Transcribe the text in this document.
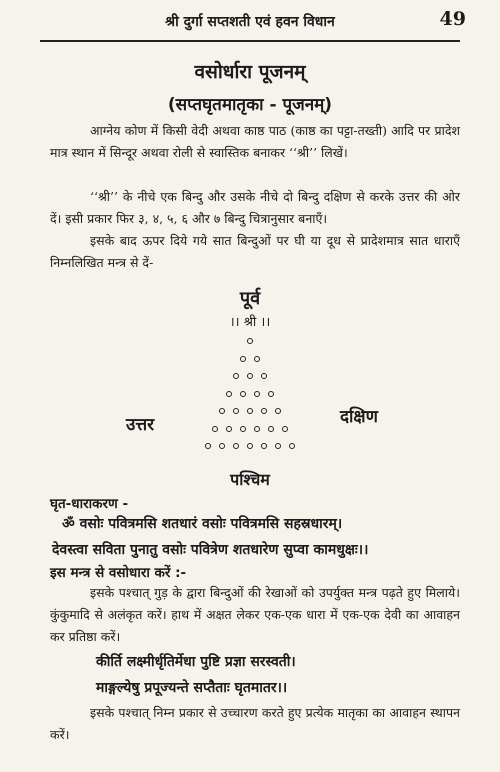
श्री दुर्गा सप्तशती एवं हवन विधान	49
वसोर्धारा पूजनम्
(सप्तघृतमातृका - पूजनम्)
आग्नेय कोण में किसी वेदी अथवा काष्ठ पाठ (काष्ठ का पट्टा-तख्ती) आदि पर प्रादेश मात्र स्थान में सिन्दूर अथवा रोली से स्वास्तिक बनाकर ‘‘श्री’’ लिखें।
‘‘श्री’’ के नीचे एक बिन्दु और उसके नीचे दो बिन्दु दक्षिण से करके उत्तर की ओर दें। इसी प्रकार फिर ३, ४, ५, ६ और ७ बिन्दु चित्रानुसार बनाएँ।
इसके बाद ऊपर दिये गये सात बिन्दुओं पर घी या दूध से प्रादेशमात्र सात धाराएँ निम्नलिखित मन्त्र से दें-
पूर्व
।। श्री ।।
उत्तर	दक्षिण
पश्चिम
घृत-धाराकरण -
ॐ वसोः पवित्रमसि शतधारं वसोः पवित्रमसि सहस्रधारम्।
देवस्त्वा सविता पुनातु वसोः पवित्रेण शतधारेण सुप्वा कामधुक्षः।।
इस मन्त्र से वसोधारा करें :-
इसके पश्चात् गुड़ के द्वारा बिन्दुओं की रेखाओं को उपर्युक्त मन्त्र पढ़ते हुए मिलाये। कुंकुमादि से अलंकृत करें। हाथ में अक्षत लेकर एक-एक धारा में एक-एक देवी का आवाहन कर प्रतिष्ठा करें।
कीर्ति लक्ष्मीर्धृतिर्मेधा पुष्टि प्रज्ञा सरस्वती।
माङ्गल्येषु प्रपूज्यन्ते सप्तैताः घृतमातर।।
इसके पश्चात् निम्न प्रकार से उच्चारण करते हुए प्रत्येक मातृका का आवाहन स्थापन करें।
